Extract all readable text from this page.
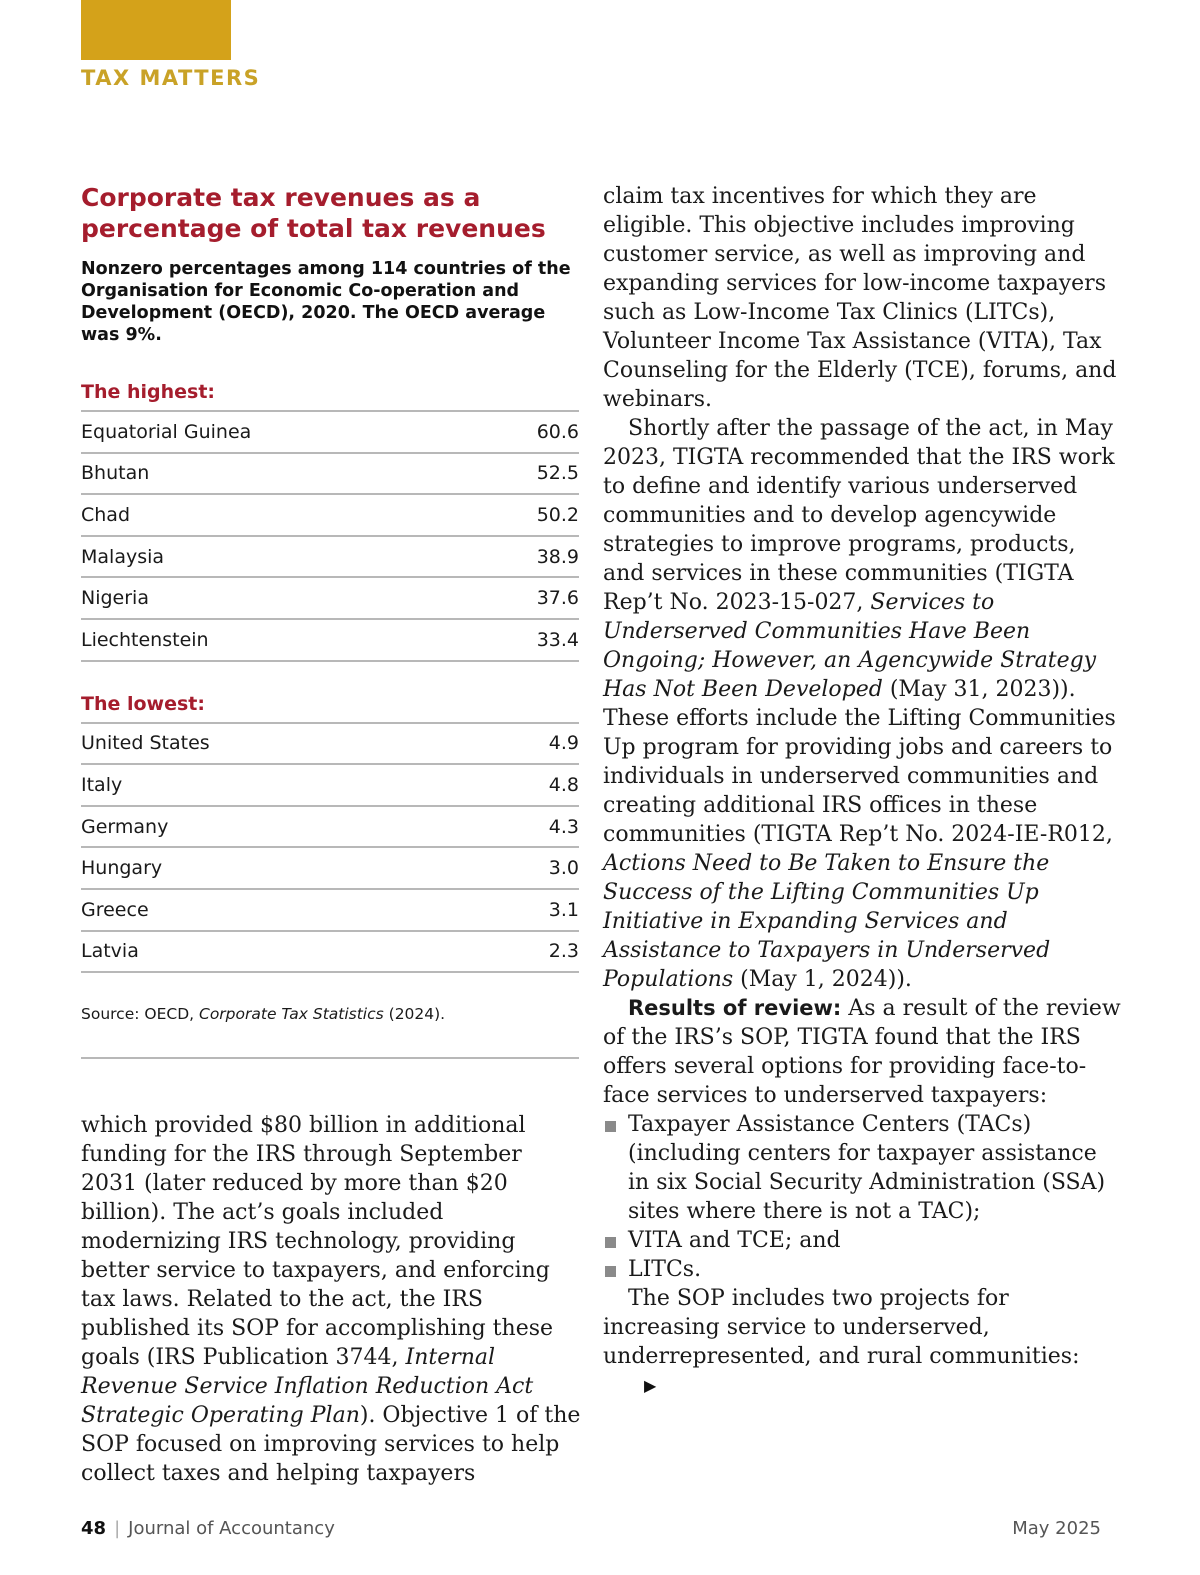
TAX MATTERS
Corporate tax revenues as a percentage of total tax revenues
Nonzero percentages among 114 countries of the Organisation for Economic Co-operation and Development (OECD), 2020. The OECD average was 9%.
The highest:
Equatorial Guinea	60.6
Bhutan	52.5
Chad	50.2
Malaysia	38.9
Nigeria	37.6
Liechtenstein	33.4
The lowest:
United States	4.9
Italy	4.8
Germany	4.3
Hungary	3.0
Greece	3.1
Latvia	2.3
Source: OECD, Corporate Tax Statistics (2024).

which provided $80 billion in additional funding for the IRS through September 2031 (later reduced by more than $20 billion). The act’s goals included modernizing IRS technology, providing better service to taxpayers, and enforcing tax laws. Related to the act, the IRS published its SOP for accomplishing these goals (IRS Publication 3744, Internal Revenue Service Inflation Reduction Act Strategic Operating Plan). Objective 1 of the SOP focused on improving services to help collect taxes and helping taxpayers

claim tax incentives for which they are eligible. This objective includes improving customer service, as well as improving and expanding services for low-income taxpayers such as Low-Income Tax Clinics (LITCs), Volunteer Income Tax Assistance (VITA), Tax Counseling for the Elderly (TCE), forums, and webinars.

Shortly after the passage of the act, in May 2023, TIGTA recommended that the IRS work to define and identify various underserved communities and to develop agencywide strategies to improve programs, products, and services in these communities (TIGTA Rep’t No. 2023-15-027, Services to Underserved Communities Have Been Ongoing; However, an Agencywide Strategy Has Not Been Developed (May 31, 2023)). These efforts include the Lifting Communities Up program for providing jobs and careers to individuals in underserved communities and creating additional IRS offices in these communities (TIGTA Rep’t No. 2024-IE-R012, Actions Need to Be Taken to Ensure the Success of the Lifting Communities Up Initiative in Expanding Services and Assistance to Taxpayers in Underserved Populations (May 1, 2024)).

Results of review: As a result of the review of the IRS’s SOP, TIGTA found that the IRS offers several options for providing face-to-face services to underserved taxpayers:

Taxpayer Assistance Centers (TACs) (including centers for taxpayer assistance in six Social Security Administration (SSA) sites where there is not a TAC);
VITA and TCE; and
LITCs.

The SOP includes two projects for increasing service to underserved, underrepresented, and rural communities:▶

48 | Journal of Accountancy	May 2025
